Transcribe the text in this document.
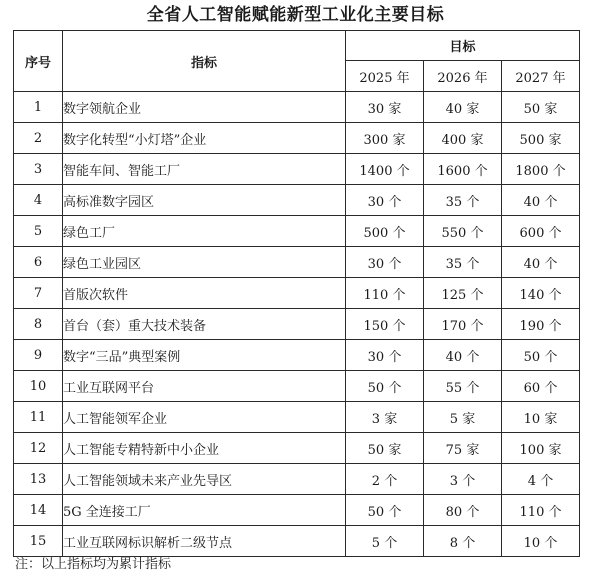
全省人工智能赋能新型工业化主要目标
序号	指标	目标		
		2025 年	2026 年	2027 年
1	数字领航企业	30 家	40 家	50 家
2	数字化转型“小灯塔”企业	300 家	400 家	500 家
3	智能车间、智能工厂	1400 个	1600 个	1800 个
4	高标准数字园区	30 个	35 个	40 个
5	绿色工厂	500 个	550 个	600 个
6	绿色工业园区	30 个	35 个	40 个
7	首版次软件	110 个	125 个	140 个
8	首台（套）重大技术装备	150 个	170 个	190 个
9	数字“三品”典型案例	30 个	40 个	50 个
10	工业互联网平台	50 个	55 个	60 个
11	人工智能领军企业	3 家	5 家	10 家
12	人工智能专精特新中小企业	50 家	75 家	100 家
13	人工智能领域未来产业先导区	2 个	3 个	4 个
14	5G 全连接工厂	50 个	80 个	110 个
15	工业互联网标识解析二级节点	5 个	8 个	10 个
注：以上指标均为累计指标
